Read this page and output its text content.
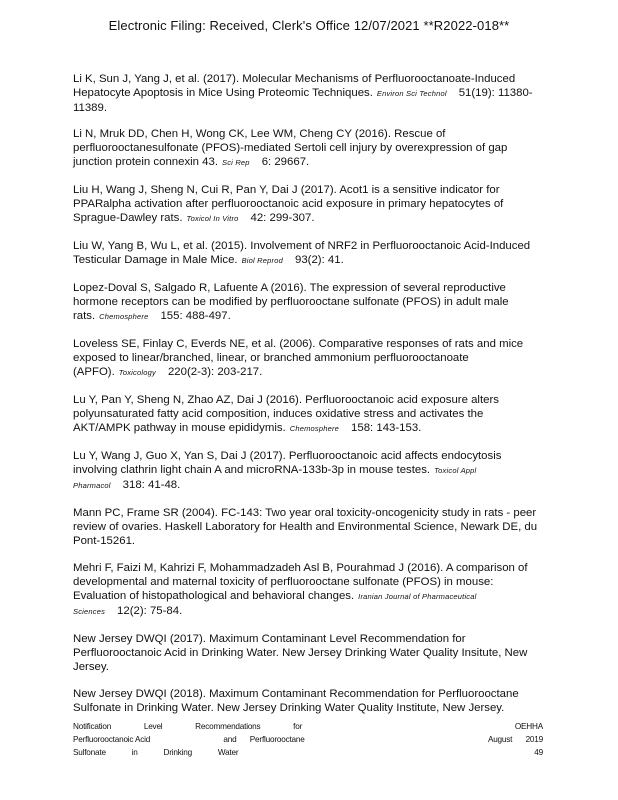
Electronic Filing: Received, Clerk's Office 12/07/2021 **R2022-018**
Li K, Sun J, Yang J, et al. (2017). Molecular Mechanisms of Perfluorooctanoate-Induced Hepatocyte Apoptosis in Mice Using Proteomic Techniques. Environ Sci Technol 51(19): 11380-11389.
Li N, Mruk DD, Chen H, Wong CK, Lee WM, Cheng CY (2016). Rescue of perfluorooctanesulfonate (PFOS)-mediated Sertoli cell injury by overexpression of gap junction protein connexin 43. Sci Rep 6: 29667.
Liu H, Wang J, Sheng N, Cui R, Pan Y, Dai J (2017). Acot1 is a sensitive indicator for PPARalpha activation after perfluorooctanoic acid exposure in primary hepatocytes of Sprague-Dawley rats. Toxicol In Vitro 42: 299-307.
Liu W, Yang B, Wu L, et al. (2015). Involvement of NRF2 in Perfluorooctanoic Acid-Induced Testicular Damage in Male Mice. Biol Reprod 93(2): 41.
Lopez-Doval S, Salgado R, Lafuente A (2016). The expression of several reproductive hormone receptors can be modified by perfluorooctane sulfonate (PFOS) in adult male rats. Chemosphere 155: 488-497.
Loveless SE, Finlay C, Everds NE, et al. (2006). Comparative responses of rats and mice exposed to linear/branched, linear, or branched ammonium perfluorooctanoate (APFO). Toxicology 220(2-3): 203-217.
Lu Y, Pan Y, Sheng N, Zhao AZ, Dai J (2016). Perfluorooctanoic acid exposure alters polyunsaturated fatty acid composition, induces oxidative stress and activates the AKT/AMPK pathway in mouse epididymis. Chemosphere 158: 143-153.
Lu Y, Wang J, Guo X, Yan S, Dai J (2017). Perfluorooctanoic acid affects endocytosis involving clathrin light chain A and microRNA-133b-3p in mouse testes. Toxicol Appl Pharmacol 318: 41-48.
Mann PC, Frame SR (2004). FC-143: Two year oral toxicity-oncogenicity study in rats - peer review of ovaries. Haskell Laboratory for Health and Environmental Science, Newark DE, du Pont-15261.
Mehri F, Faizi M, Kahrizi F, Mohammadzadeh Asl B, Pourahmad J (2016). A comparison of developmental and maternal toxicity of perfluorooctane sulfonate (PFOS) in mouse: Evaluation of histopathological and behavioral changes. Iranian Journal of Pharmaceutical Sciences 12(2): 75-84.
New Jersey DWQI (2017). Maximum Contaminant Level Recommendation for Perfluorooctanoic Acid in Drinking Water. New Jersey Drinking Water Quality Insitute, New Jersey.
New Jersey DWQI (2018). Maximum Contaminant Recommendation for Perfluorooctane Sulfonate in Drinking Water. New Jersey Drinking Water Quality Institute, New Jersey.
Notification	Level	Recommendations	for	OEHHA
Perfluorooctanoic Acid	and Perfluorooctane	August 2019
Sulfonate	in	Drinking	Water	49
